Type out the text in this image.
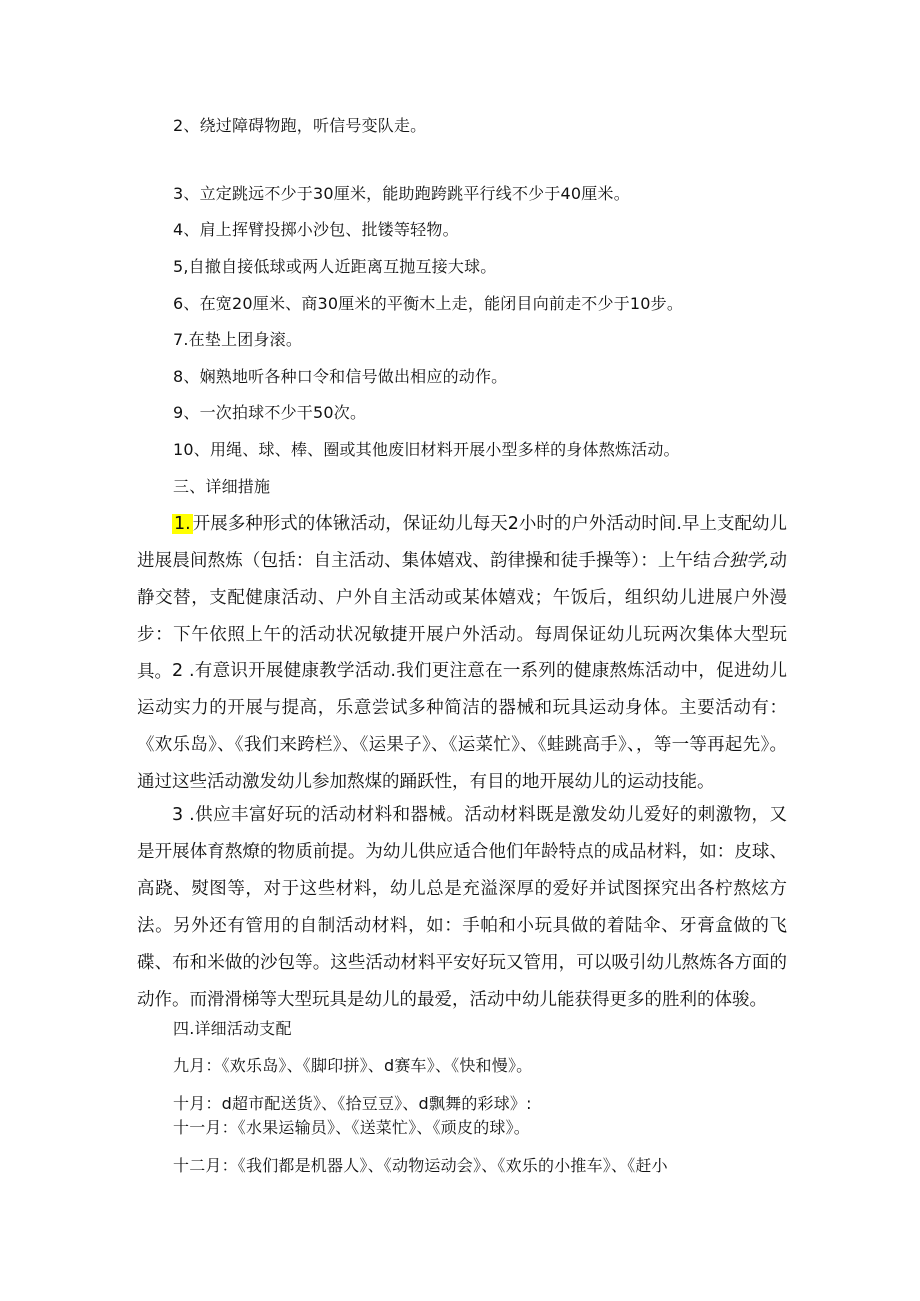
2、绕过障碍物跑，听信号变队走。
3、立定跳远不少于30厘米，能助跑跨跳平行线不少于40厘米。
4、肩上挥臂投掷小沙包、批镂等轻物。
5,自撤自接低球或两人近距离互抛互接大球。
6、在宽20厘米、商30厘米的平衡木上走，能闭目向前走不少于10步。
7.在垫上团身滚。
8、娴熟地听各种口令和信号做出相应的动作。
9、一次拍球不少干50次。
10、用绳、球、棒、圈或其他废旧材料开展小型多样的身体熬炼活动。
三、详细措施
1. 开展多种形式的体锹活动，保证幼儿每天2小时的户外活动时间.早上支配幼儿进展晨间熬炼（包括：自主活动、集体嬉戏、韵律操和徒手操等）：上午结合独学,动静交替，支配健康活动、户外自主活动或某体嬉戏；午饭后，组织幼儿进展户外漫步：下午依照上午的活动状况敏捷开展户外活动。每周保证幼儿玩两次集体大型玩具。 2 .有意识开展健康教学活动.我们更注意在一系列的健康熬炼活动中，促进幼儿运动实力的开展与提高，乐意尝试多种简洁的器械和玩具运动身体。主要活动有：《欢乐岛》、《我们来跨栏》、《运果子》、《运菜忙》、《蛙跳高手》、，等一等再起先》。通过这些活动激发幼儿参加熬煤的踊跃性，有目的地开展幼儿的运动技能。
3 .供应丰富好玩的活动材料和器械。活动材料既是激发幼儿爱好的刺激物，又是开展体育熬燎的物质前提。为幼儿供应适合他们年龄特点的成品材料，如：皮球、高跷、熨图等，对于这些材料，幼儿总是充溢深厚的爱好并试图探究出各柠熬炫方法。另外还有管用的自制活动材料，如：手帕和小玩具做的着陆伞、牙膏盒做的飞碟、布和米做的沙包等。这些活动材料平安好玩又管用，可以吸引幼儿熬炼各方面的动作。而滑滑梯等大型玩具是幼儿的最爱，活动中幼儿能获得更多的胜利的体骏。
四.详细活动支配
九月：《欢乐岛》、《脚印拼》、d赛车》、《快和慢》。
十月：d超市配送货》、《拾豆豆》、d飘舞的彩球》:
十一月：《水果运输员》、《送菜忙》、《顽皮的球》。
十二月：《我们都是机器人》、《动物运动会》、《欢乐的小推车》、《赶小
